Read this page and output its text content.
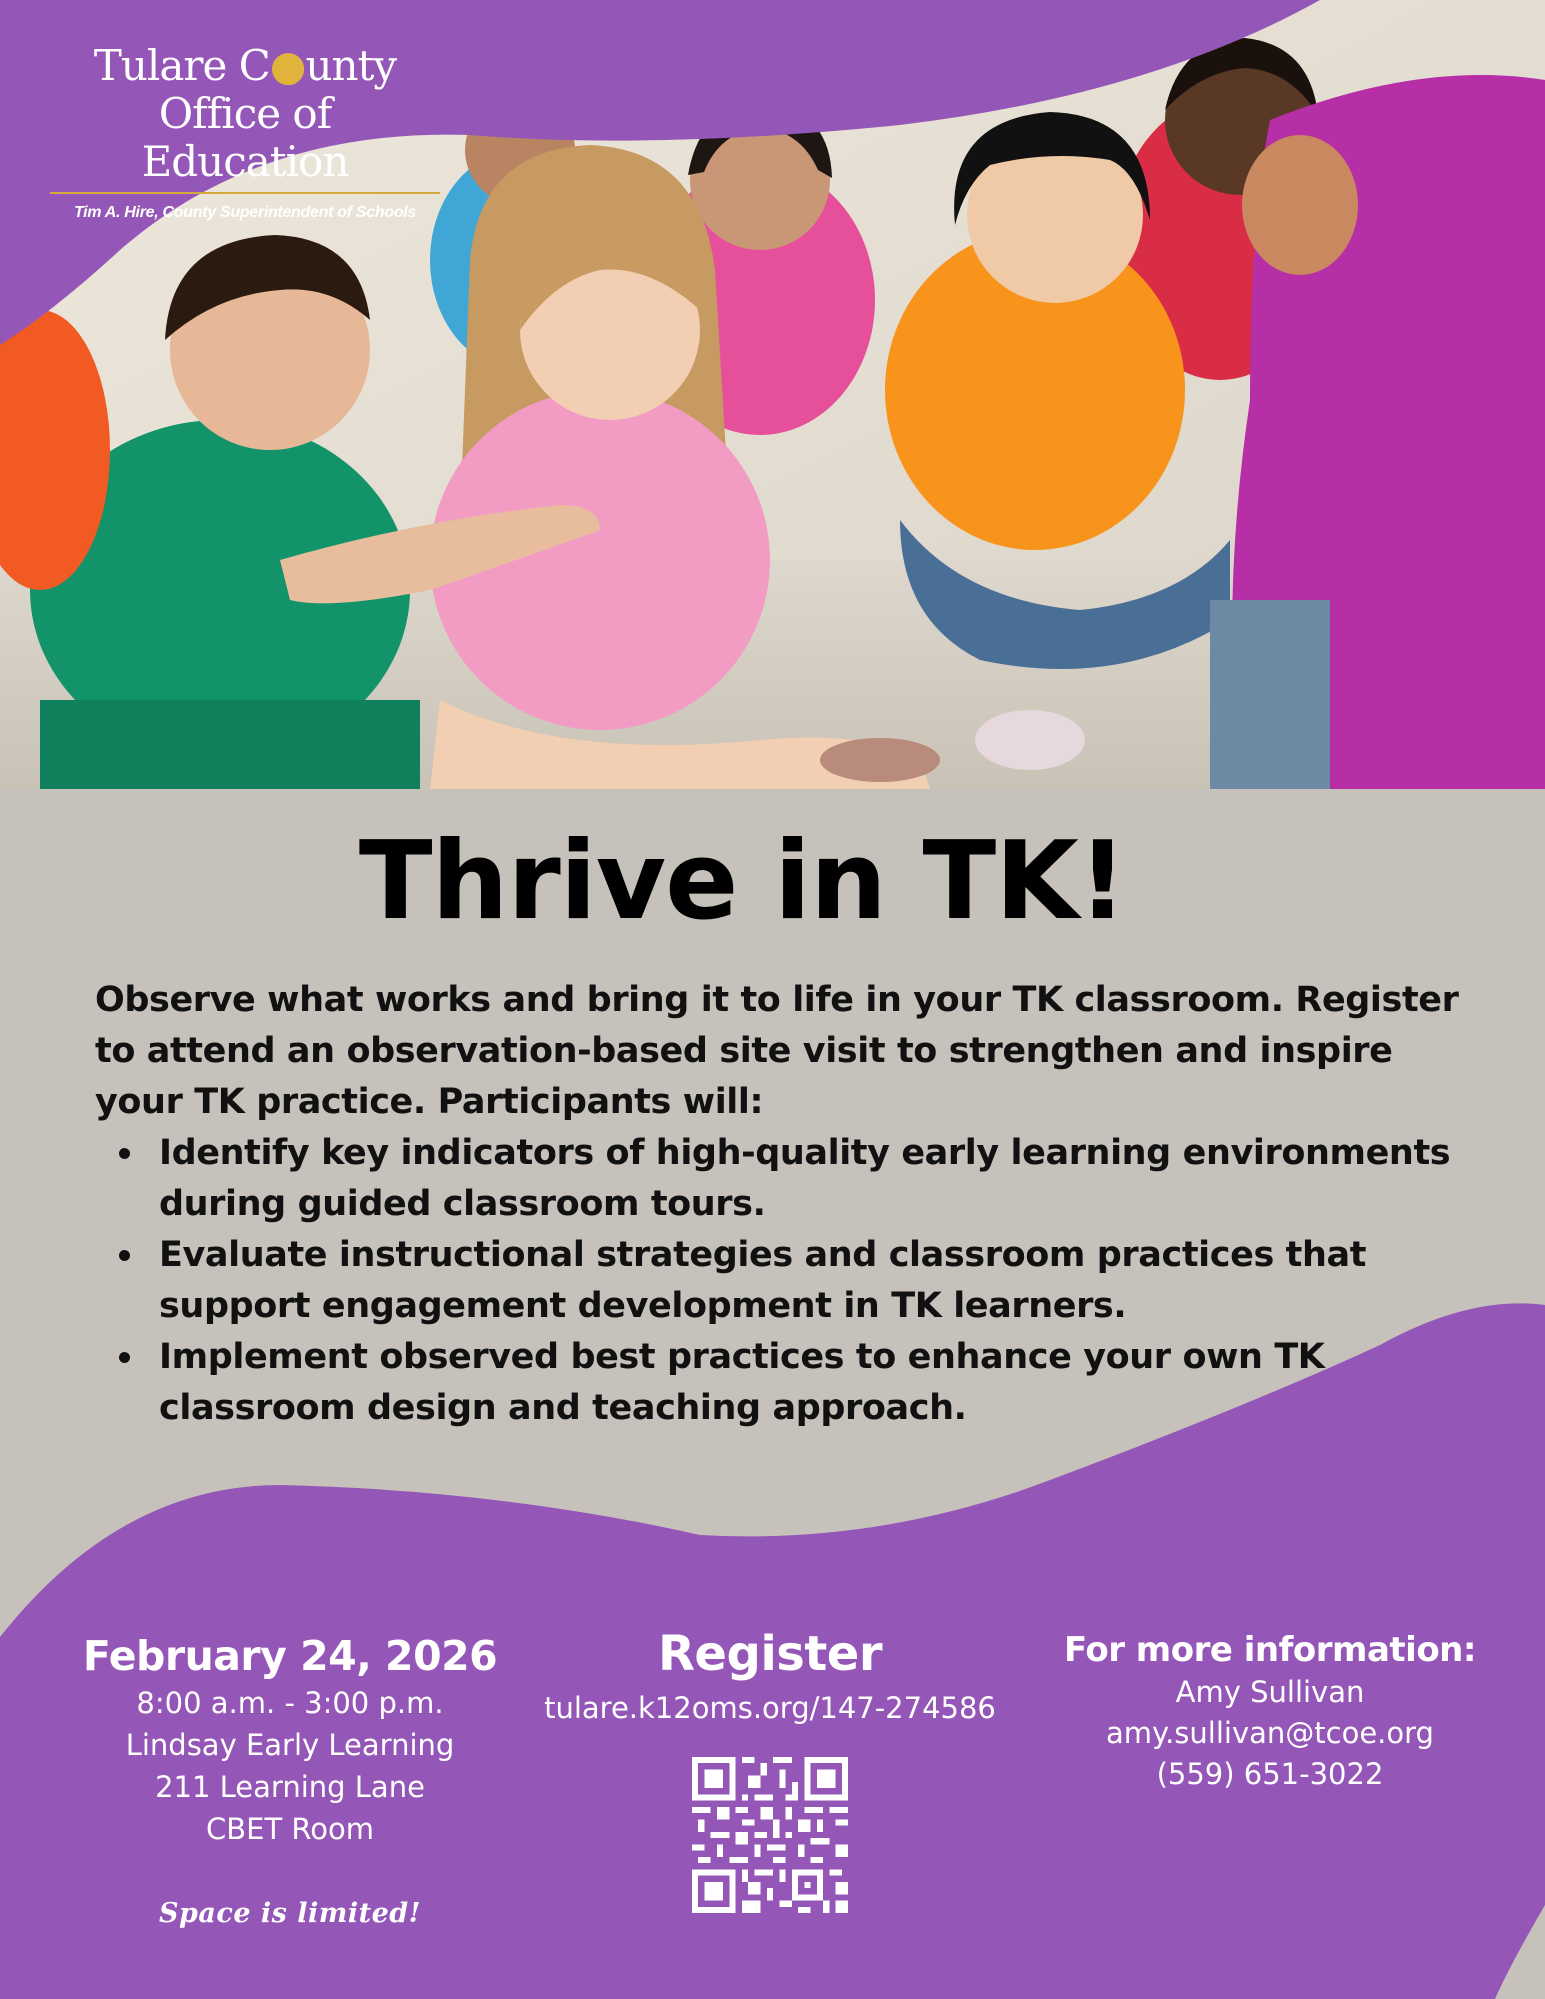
Tulare C●unty
Office of Education
Tim A. Hire, County Superintendent of Schools
Thrive in TK!

Observe what works and bring it to life in your TK classroom. Register to attend an observation-based site visit to strengthen and inspire your TK practice. Participants will:

Identify key indicators of high-quality early learning environments during guided classroom tours.
Evaluate instructional strategies and classroom practices that support engagement development in TK learners.
Implement observed best practices to enhance your own TK classroom design and teaching approach.
February 24, 2026
8:00 a.m. - 3:00 p.m.
Lindsay Early Learning
211 Learning Lane
CBET Room
Space is limited!
Register
tulare.k12oms.org/147-274586
For more information:
Amy Sullivan
amy.sullivan@tcoe.org
(559) 651-3022
